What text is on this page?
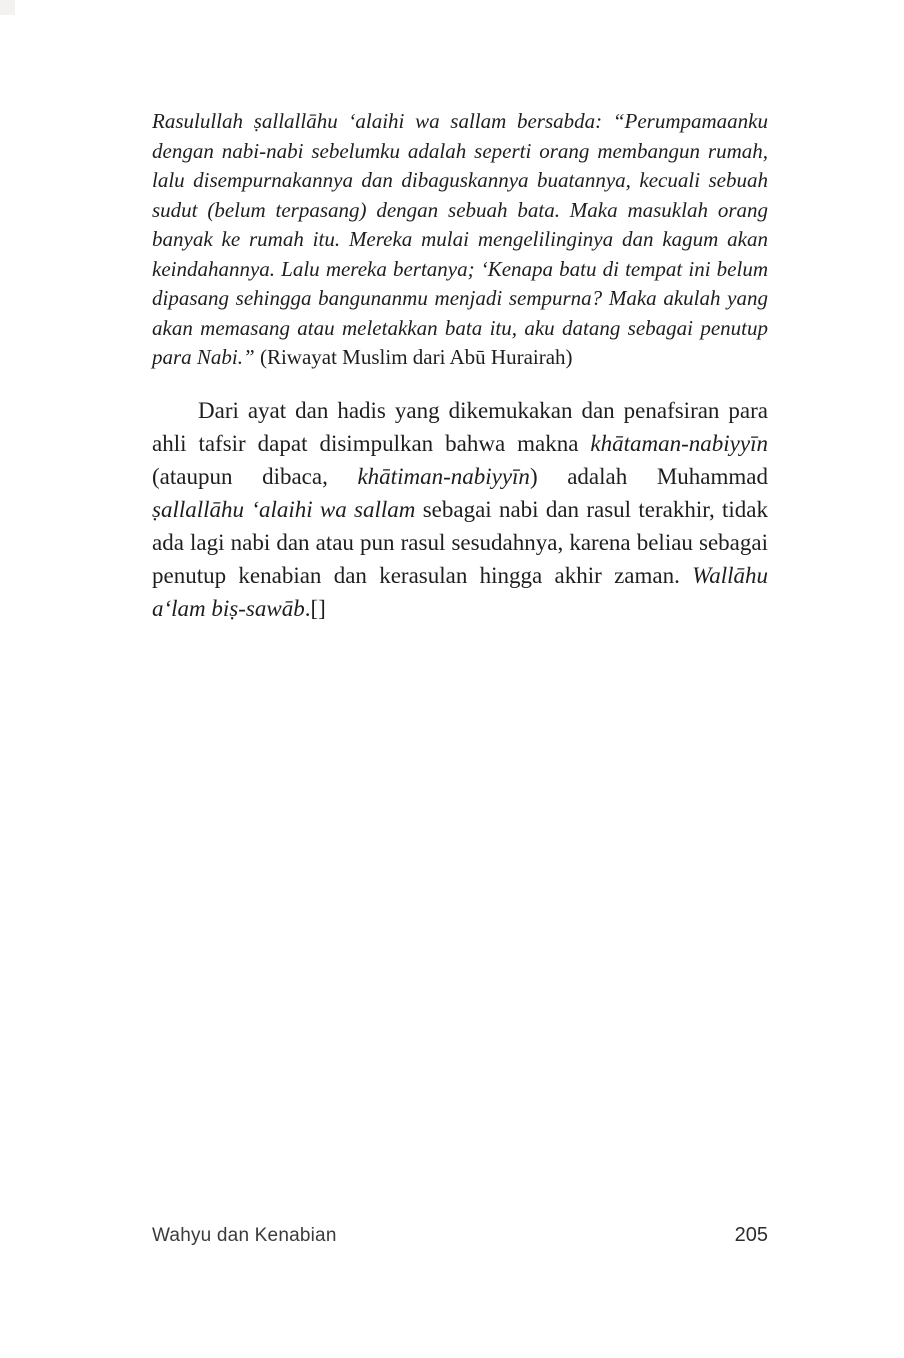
Rasulullah ṣallallāhu ‘alaihi wa sallam bersabda: “Perumpamaanku dengan nabi-nabi sebelumku adalah seperti orang membangun rumah, lalu disempurnakannya dan dibaguskannya buatannya, kecuali sebuah sudut (belum terpasang) dengan sebuah bata. Maka masuklah orang banyak ke rumah itu. Mereka mulai mengelilinginya dan kagum akan keindahannya. Lalu mereka bertanya; ‘Kenapa batu di tempat ini belum dipasang sehingga bangunanmu menjadi sempurna? Maka akulah yang akan memasang atau meletakkan bata itu, aku datang sebagai penutup para Nabi.” (Riwayat Muslim dari Abū Hurairah)

Dari ayat dan hadis yang dikemukakan dan penafsiran para ahli tafsir dapat disimpulkan bahwa makna khātaman-nabiyyīn (ataupun dibaca, khātiman-nabiyyīn) adalah Muhammad ṣallallāhu ‘alaihi wa sallam sebagai nabi dan rasul terakhir, tidak ada lagi nabi dan atau pun rasul sesudahnya, karena beliau sebagai penutup kenabian dan kerasulan hingga akhir zaman. Wallāhu a‘lam biṣ-sawāb.[]

Wahyu dan Kenabian	205
